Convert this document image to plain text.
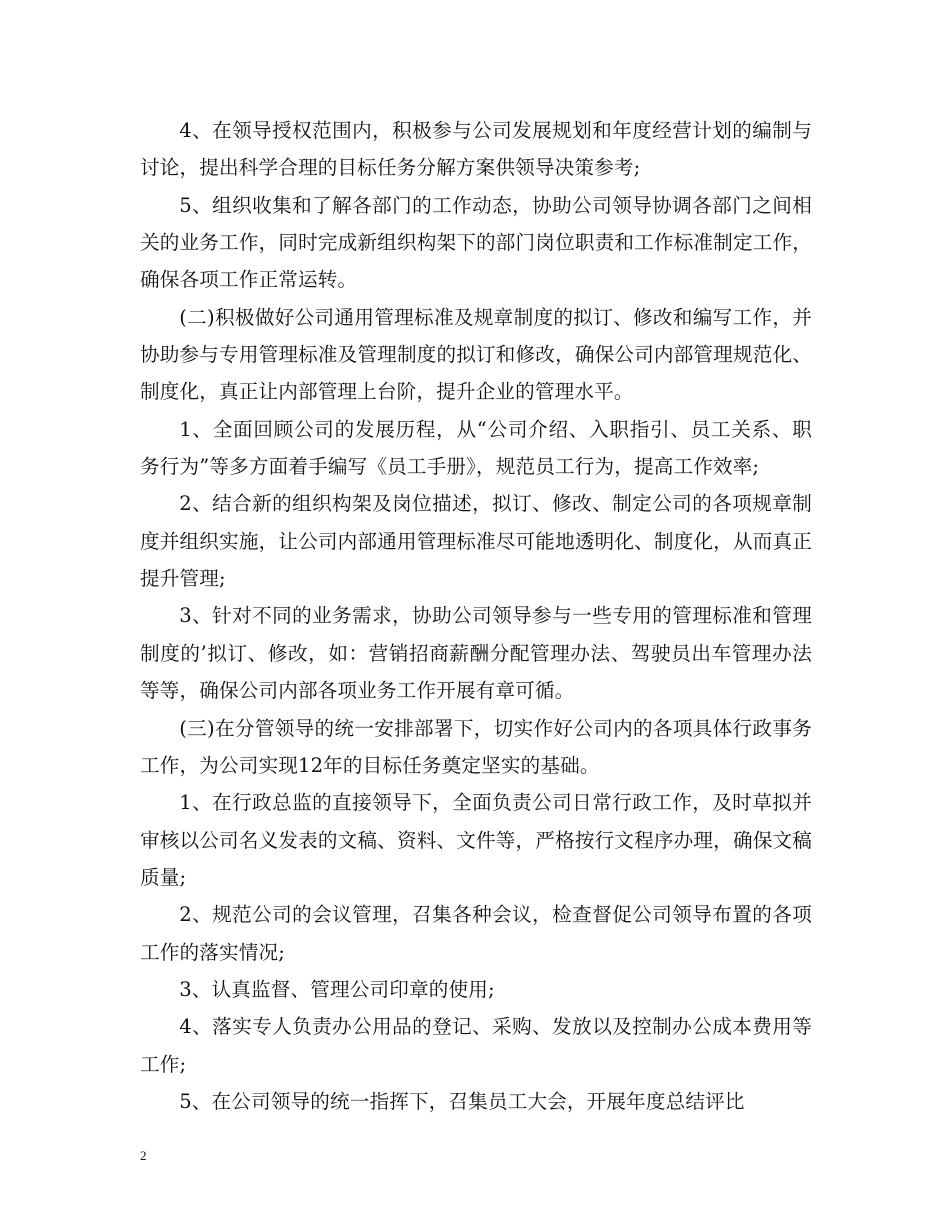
4、在领导授权范围内，积极参与公司发展规划和年度经营计划的编制与讨论，提出科学合理的目标任务分解方案供领导决策参考;

5、组织收集和了解各部门的工作动态，协助公司领导协调各部门之间相关的业务工作，同时完成新组织构架下的部门岗位职责和工作标准制定工作，确保各项工作正常运转。

(二)积极做好公司通用管理标准及规章制度的拟订、修改和编写工作，并协助参与专用管理标准及管理制度的拟订和修改，确保公司内部管理规范化、制度化，真正让内部管理上台阶，提升企业的管理水平。

1、全面回顾公司的发展历程，从“公司介绍、入职指引、员工关系、职务行为”等多方面着手编写《员工手册》，规范员工行为，提高工作效率;

2、结合新的组织构架及岗位描述，拟订、修改、制定公司的各项规章制度并组织实施，让公司内部通用管理标准尽可能地透明化、制度化，从而真正提升管理;

3、针对不同的业务需求，协助公司领导参与一些专用的管理标准和管理制度的’拟订、修改，如：营销招商薪酬分配管理办法、驾驶员出车管理办法等等，确保公司内部各项业务工作开展有章可循。

(三)在分管领导的统一安排部署下，切实作好公司内的各项具体行政事务工作，为公司实现12年的目标任务奠定坚实的基础。

1、在行政总监的直接领导下，全面负责公司日常行政工作，及时草拟并审核以公司名义发表的文稿、资料、文件等，严格按行文程序办理，确保文稿质量;

2、规范公司的会议管理，召集各种会议，检查督促公司领导布置的各项工作的落实情况;

3、认真监督、管理公司印章的使用;

4、落实专人负责办公用品的登记、采购、发放以及控制办公成本费用等工作;

5、在公司领导的统一指挥下，召集员工大会，开展年度总结评比

2
